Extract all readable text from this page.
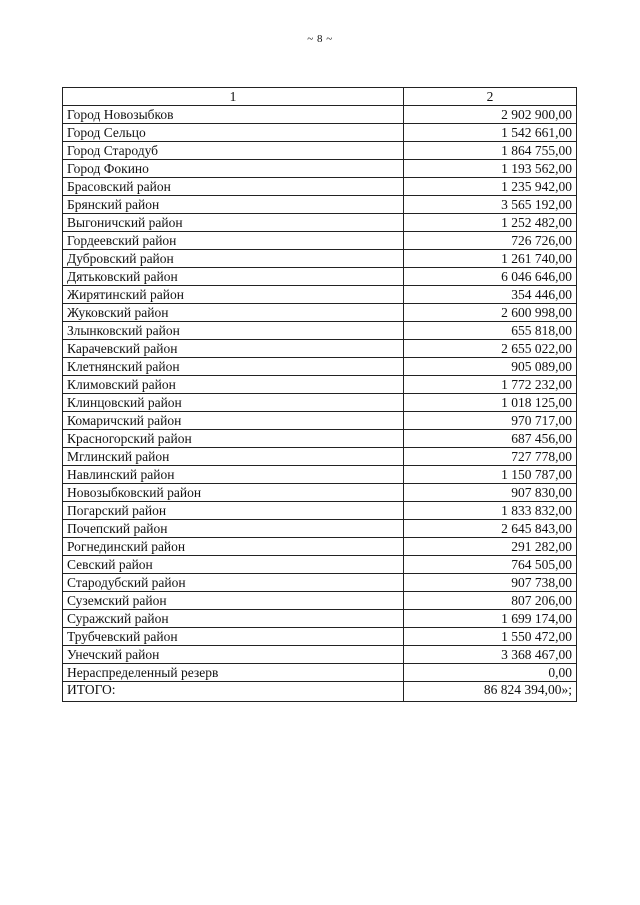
~ 8 ~
1	2
Город Новозыбков	2 902 900,00
Город Сельцо	1 542 661,00
Город Стародуб	1 864 755,00
Город Фокино	1 193 562,00
Брасовский район	1 235 942,00
Брянский район	3 565 192,00
Выгоничский район	1 252 482,00
Гордеевский район	726 726,00
Дубровский район	1 261 740,00
Дятьковский район	6 046 646,00
Жирятинский район	354 446,00
Жуковский район	2 600 998,00
Злынковский район	655 818,00
Карачевский район	2 655 022,00
Клетнянский район	905 089,00
Климовский район	1 772 232,00
Клинцовский район	1 018 125,00
Комаричский район	970 717,00
Красногорский район	687 456,00
Мглинский район	727 778,00
Навлинский район	1 150 787,00
Новозыбковский район	907 830,00
Погарский район	1 833 832,00
Почепский район	2 645 843,00
Рогнединский район	291 282,00
Севский район	764 505,00
Стародубский район	907 738,00
Суземский район	807 206,00
Суражский район	1 699 174,00
Трубчевский район	1 550 472,00
Унечский район	3 368 467,00
Нераспределенный резерв	0,00
ИТОГО:	86 824 394,00»;
